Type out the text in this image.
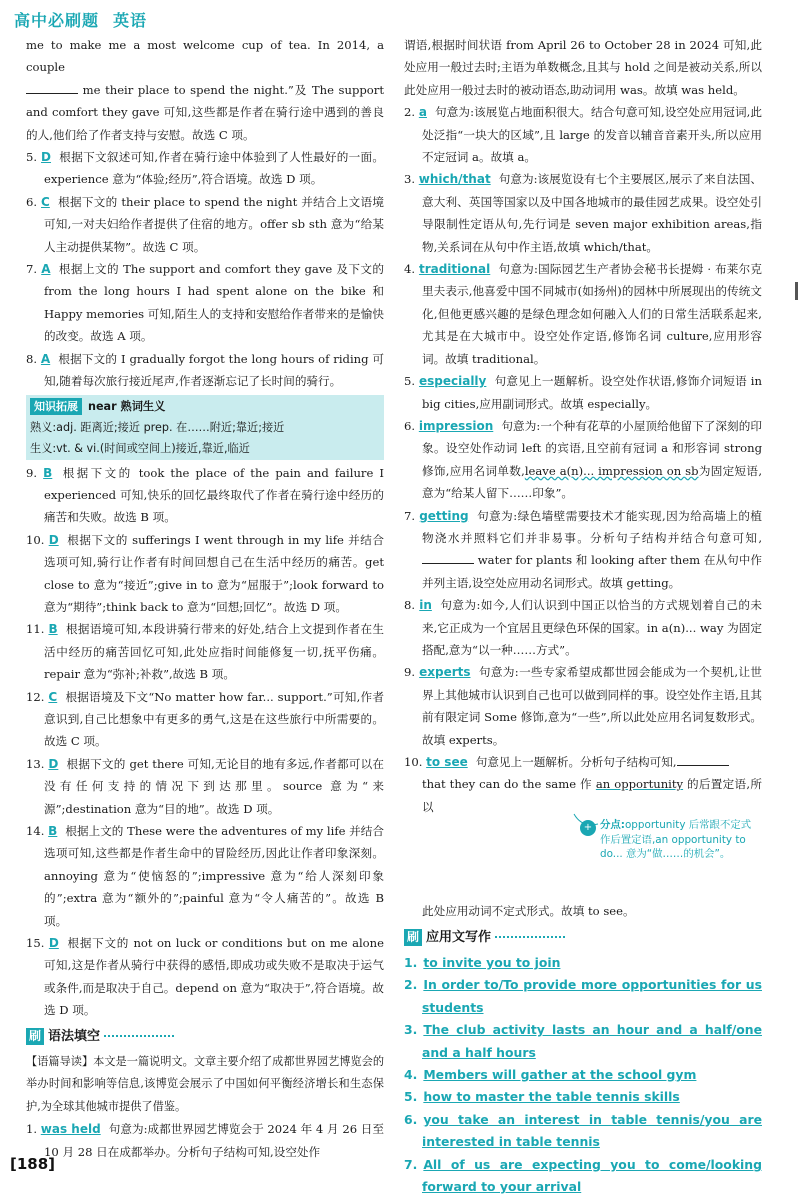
高中必刷题 英语

me to make me a most welcome cup of tea. In 2014, a couple
me their place to spend the night.”及 The support and comfort they gave 可知,这些都是作者在骑行途中遇到的善良的人,他们给了作者支持与安慰。故选 C 项。

5. D 根据下文叙述可知,作者在骑行途中体验到了人性最好的一面。experience 意为“体验;经历”,符合语境。故选 D 项。

6. C 根据下文的 their place to spend the night 并结合上文语境可知,一对夫妇给作者提供了住宿的地方。offer sb sth 意为“给某人主动提供某物”。故选 C 项。

7. A 根据上文的 The support and comfort they gave 及下文的 from the long hours I had spent alone on the bike 和 Happy memories 可知,陌生人的支持和安慰给作者带来的是愉快的改变。故选 A 项。

8. A 根据下文的 I gradually forgot the long hours of riding 可知,随着每次旅行接近尾声,作者逐渐忘记了长时间的骑行。

知识拓展 near 熟词生义
熟义:adj. 距离近;接近 prep. 在……附近;靠近;接近
生义:vt. & vi.(时间或空间上)接近,靠近,临近

9. B 根据下文的 took the place of the pain and failure I experienced 可知,快乐的回忆最终取代了作者在骑行途中经历的痛苦和失败。故选 B 项。

10. D 根据下文的 sufferings I went through in my life 并结合选项可知,骑行让作者有时间回想自己在生活中经历的痛苦。get close to 意为“接近”;give in to 意为“屈服于”;look forward to 意为“期待”;think back to 意为“回想;回忆”。故选 D 项。

11. B 根据语境可知,本段讲骑行带来的好处,结合上文提到作者在生活中经历的痛苦回忆可知,此处应指时间能修复一切,抚平伤痛。repair 意为“弥补;补救”,故选 B 项。

12. C 根据语境及下文“No matter how far... support.”可知,作者意识到,自己比想象中有更多的勇气,这是在这些旅行中所需要的。故选 C 项。

13. D 根据下文的 get there 可知,无论目的地有多远,作者都可以在没有任何支持的情况下到达那里。source 意为“来源”;destination 意为“目的地”。故选 D 项。

14. B 根据上文的 These were the adventures of my life 并结合选项可知,这些都是作者生命中的冒险经历,因此让作者印象深刻。annoying 意为“使恼怒的”;impressive 意为“给人深刻印象的”;extra 意为“额外的”;painful 意为“令人痛苦的”。故选 B 项。

15. D 根据下文的 not on luck or conditions but on me alone 可知,这是作者从骑行中获得的感悟,即成功或失败不是取决于运气或条件,而是取决于自己。depend on 意为“取决于”,符合语境。故选 D 项。

刷 语法填空

【语篇导读】本文是一篇说明文。文章主要介绍了成都世界园艺博览会的举办时间和影响等信息,该博览会展示了中国如何平衡经济增长和生态保护,为全球其他城市提供了借鉴。

1. was held 句意为:成都世界园艺博览会于 2024 年 4 月 26 日至 10 月 28 日在成都举办。分析句子结构可知,设空处作

谓语,根据时间状语 from April 26 to October 28 in 2024 可知,此处应用一般过去时;主语为单数概念,且其与 hold 之间是被动关系,所以此处应用一般过去时的被动语态,助动词用 was。故填 was held。

2. a 句意为:该展览占地面积很大。结合句意可知,设空处应用冠词,此处泛指“一块大的区域”,且 large 的发音以辅音音素开头,所以应用不定冠词 a。故填 a。

3. which/that 句意为:该展览设有七个主要展区,展示了来自法国、意大利、英国等国家以及中国各地城市的最佳园艺成果。设空处引导限制性定语从句,先行词是 seven major exhibition areas,指物,关系词在从句中作主语,故填 which/that。

4. traditional 句意为:国际园艺生产者协会秘书长提姆 · 布莱尔克里夫表示,他喜爱中国不同城市(如扬州)的园林中所展现出的传统文化,但他更感兴趣的是绿色理念如何融入人们的日常生活联系起来,尤其是在大城市中。设空处作定语,修饰名词 culture,应用形容词。故填 traditional。

5. especially 句意见上一题解析。设空处作状语,修饰介词短语 in big cities,应用副词形式。故填 especially。

6. impression 句意为:一个种有花草的小屋顶给他留下了深刻的印象。设空处作动词 left 的宾语,且空前有冠词 a 和形容词 strong 修饰,应用名词单数,leave a(n)... impression on sb为固定短语,意为“给某人留下……印象”。

7. getting 句意为:绿色墙壁需要技术才能实现,因为给高墙上的植物浇水并照料它们并非易事。分析句子结构并结合句意可知, water for plants 和 looking after them 在从句中作并列主语,设空处应用动名词形式。故填 getting。

8. in 句意为:如今,人们认识到中国正以恰当的方式规划着自己的未来,它正成为一个宜居且更绿色环保的国家。in a(n)... way 为固定搭配,意为“以一种……方式”。

9. experts 句意为:一些专家希望成都世园会能成为一个契机,让世界上其他城市认识到自己也可以做到同样的事。设空处作主语,且其前有限定词 Some 修饰,意为“一些”,所以此处应用名词复数形式。故填 experts。

10. to see 句意见上一题解析。分析句子结构可知,
that they can do the same 作 an opportunity 的后置定语,所以

+ 分点:opportunity 后常跟不定式作后置定语,an opportunity to do... 意为“做……的机会”。

此处应用动词不定式形式。故填 to see。

刷 应用文写作
1. to invite you to join
2. In order to/To provide more opportunities for us students
3. The club activity lasts an hour and a half/one and a half hours
4. Members will gather at the school gym
5. how to master the table tennis skills
6. you take an interest in table tennis/you are interested in table tennis
7. All of us are expecting you to come/looking forward to your arrival
[188]
